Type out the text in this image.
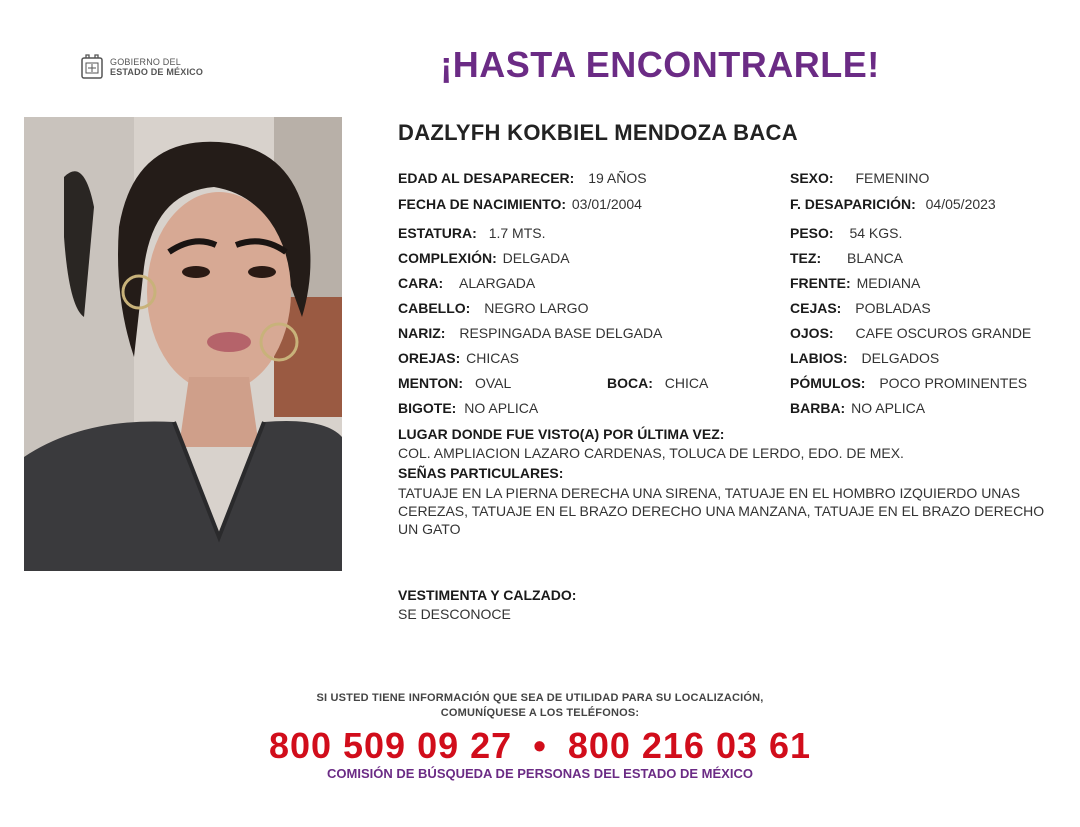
GOBIERNO DEL
ESTADO DE MÉXICO	¡HASTA ENCONTRARLE!
DAZLYFH KOKBIEL MENDOZA BACA
EDAD AL DESAPARECER: 19 AÑOS
FECHA DE NACIMIENTO: 03/01/2004
ESTATURA: 1.7 MTS.
COMPLEXIÓN: DELGADA
CARA: ALARGADA
CABELLO: NEGRO LARGO
NARIZ: RESPINGADA BASE DELGADA
OREJAS: CHICAS
MENTON: OVAL	BOCA: CHICA
BIGOTE: NO APLICA
SEXO: FEMENINO
F. DESAPARICIÓN: 04/05/2023
PESO: 54 KGS.
TEZ: BLANCA
FRENTE: MEDIANA
CEJAS: POBLADAS
OJOS: CAFE OSCUROS GRANDE
LABIOS: DELGADOS
PÓMULOS: POCO PROMINENTES
BARBA: NO APLICA
LUGAR DONDE FUE VISTO(A) POR ÚLTIMA VEZ:
COL. AMPLIACION LAZARO CARDENAS, TOLUCA DE LERDO, EDO. DE MEX.
SEÑAS PARTICULARES:
TATUAJE EN LA PIERNA DERECHA UNA SIRENA, TATUAJE EN EL HOMBRO IZQUIERDO UNAS CEREZAS, TATUAJE EN EL BRAZO DERECHO UNA MANZANA, TATUAJE EN EL BRAZO DERECHO UN GATO
VESTIMENTA Y CALZADO:
SE DESCONOCE
SI USTED TIENE INFORMACIÓN QUE SEA DE UTILIDAD PARA SU LOCALIZACIÓN,
COMUNÍQUESE A LOS TELÉFONOS:
800 509 09 27 • 800 216 03 61
COMISIÓN DE BÚSQUEDA DE PERSONAS DEL ESTADO DE MÉXICO
